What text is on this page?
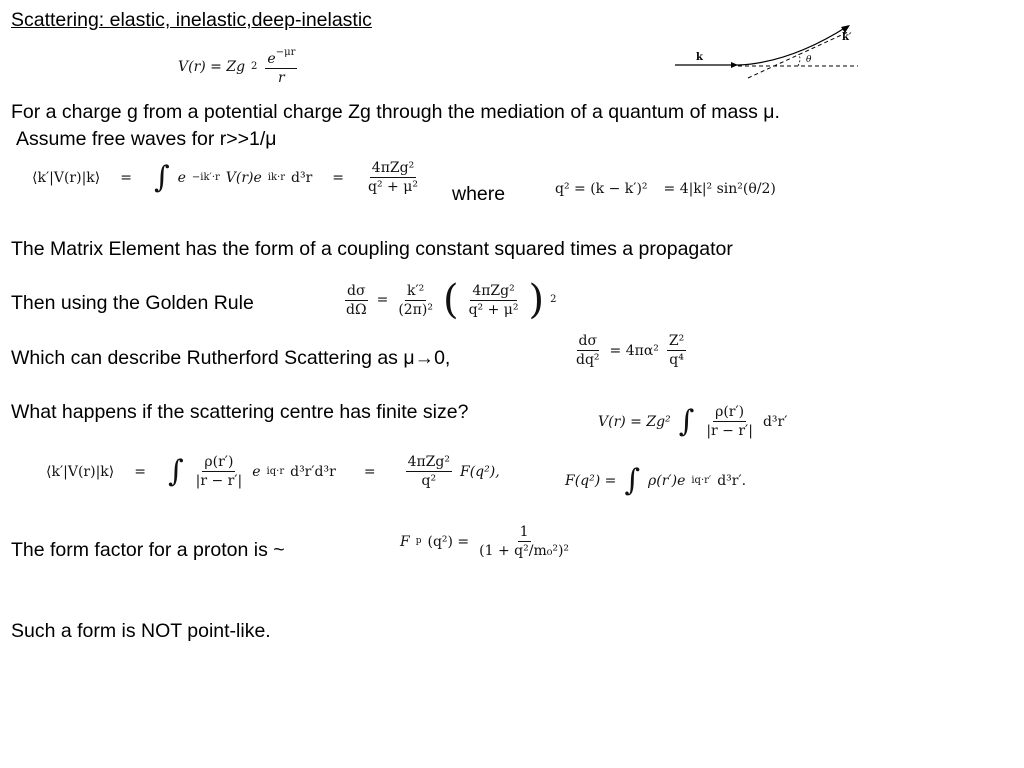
Scattering: elastic, inelastic,deep-inelastic
k
k′
θ
V(r) = Zg $2 \frac{e^{-\mu r}}{r}$
For a charge g from a potential charge Zg through the mediation of a quantum of mass μ.
Assume free waves for r>>1/μ
⟨k′|V(r)|k⟩ = ∫ e −ik′·r V(r)e ik·r $d^3r = \frac{\text{4πZg²}}{\text{q² + μ²}}$ where	q² = (k − k′)² = 4|k|² sin²(θ/2)
The Matrix Element has the form of a coupling constant squared times a propagator
Then using the Golden Rule	$\frac{d\sigma}{d\Omega} = \frac{\text{k′²}}{\text{(2π)²}}$ ( $\frac{\text{4πZg²}}{\text{q² + μ²}}$ ) 2
Which can describe Rutherford Scattering as μ→0,	$\frac{d\sigma}{\text{dq²}} = 4\pi\alpha^2 \frac{\text{Z²}}{\text{q⁴}}$
What happens if the scattering centre has finite size?	V(r) = Zg² ∫ $\frac{\rho(r')}{|r - r'|} d^3r'$
⟨k′|V(r)|k⟩ = ∫ $\frac{\rho(r')}{|r - r'|}$ e iq·r $d^3r'd^3r = \frac{\text{4πZg²}}{\text{q²}} F(q^2)$,
F(q²) = ∫ ρ(r′)e iq·r′ d³r′.
The form factor for a proton is ~	F p $(q^2) = \frac{1}{\text{(1 + q²/m₀²)²}}$
Such a form is NOT point-like.
